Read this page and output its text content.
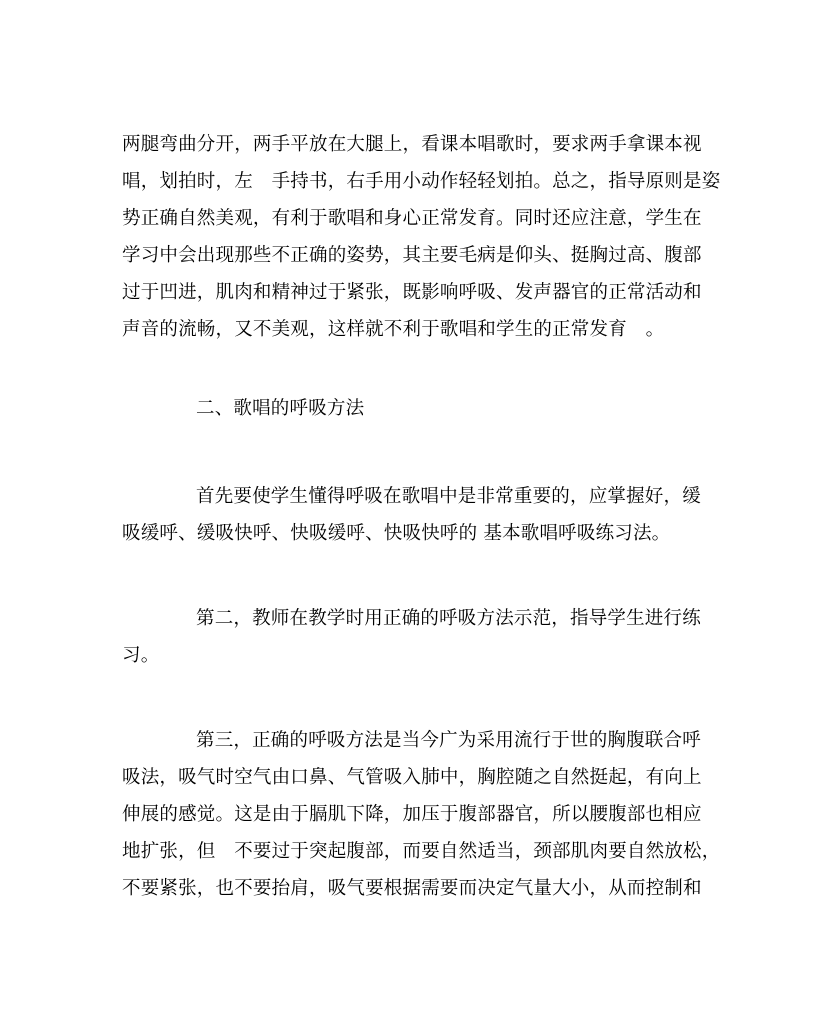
两腿弯曲分开，两手平放在大腿上，看课本唱歌时，要求两手拿课本视
唱，划拍时，左　手持书，右手用小动作轻轻划拍。总之，指导原则是姿
势正确自然美观，有利于歌唱和身心正常发育。同时还应注意，学生在
学习中会出现那些不正确的姿势，其主要毛病是仰头、挺胸过高、腹部
过于凹进，肌肉和精神过于紧张，既影响呼吸、发声器官的正常活动和
声音的流畅，又不美观，这样就不利于歌唱和学生的正常发育　。
二、歌唱的呼吸方法
首先要使学生懂得呼吸在歌唱中是非常重要的，应掌握好，缓
吸缓呼、缓吸快呼、快吸缓呼、快吸快呼的 基本歌唱呼吸练习法。
第二，教师在教学时用正确的呼吸方法示范，指导学生进行练
习。
第三，正确的呼吸方法是当今广为采用流行于世的胸腹联合呼
吸法，吸气时空气由口鼻、气管吸入肺中，胸腔随之自然挺起，有向上
伸展的感觉。这是由于膈肌下降，加压于腹部器官，所以腰腹部也相应
地扩张，但　不要过于突起腹部，而要自然适当，颈部肌肉要自然放松，
不要紧张，也不要抬肩，吸气要根据需要而决定气量大小，从而控制和
